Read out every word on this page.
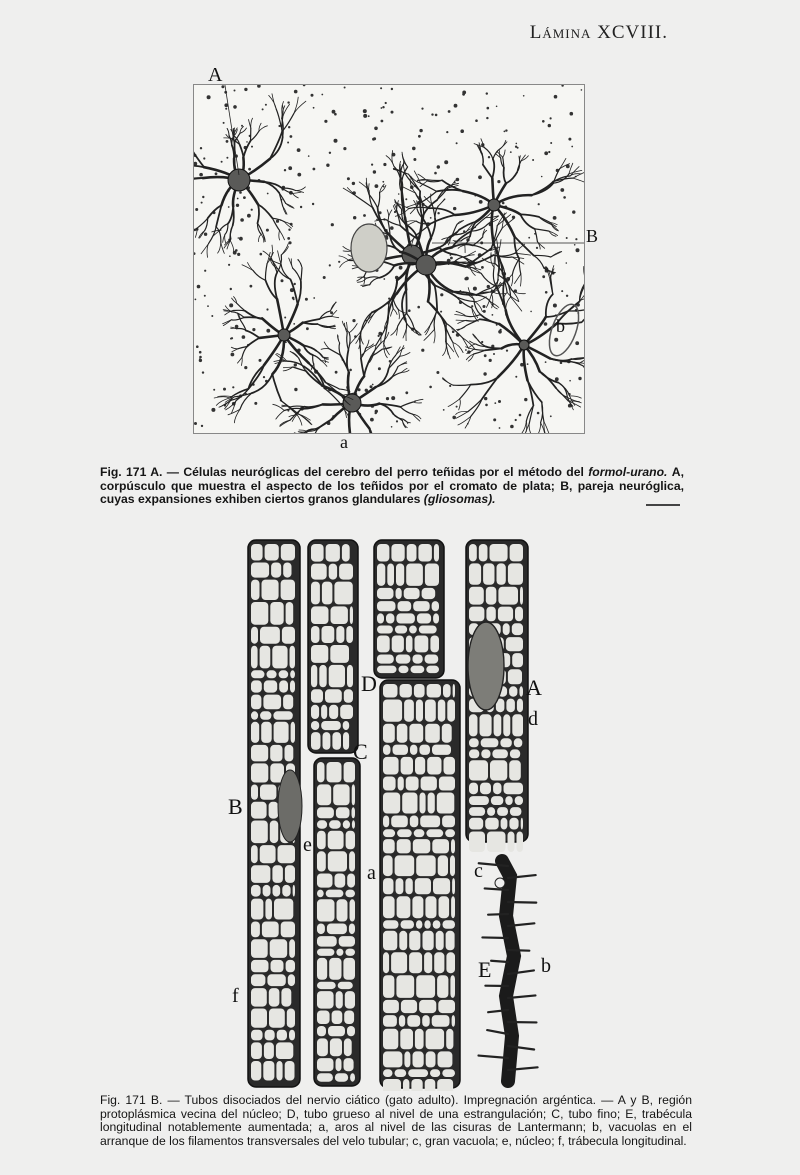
Lámina XCVIII.
A
B
b
a

Fig. 171 A. — Células neuróglicas del cerebro del perro teñidas por el método del formol-urano. A, corpúsculo que muestra el aspecto de los teñidos por el cromato de plata; B, pareja neuróglica, cuyas expansiones exhiben ciertos granos glandulares (gliosomas).

A
d
B
C
D
E
a
b
c
e
f

Fig. 171 B. — Tubos disociados del nervio ciático (gato adulto). Impregnación argéntica. — A y B, región protoplásmica vecina del núcleo; D, tubo grueso al nivel de una estrangulación; C, tubo fino; E, trabécula longitudinal notablemente aumentada; a, aros al nivel de las cisuras de Lantermann; b, vacuolas en el arranque de los filamentos transversales del velo tubular; c, gran vacuola; e, núcleo; f, trábecula longitudinal.
